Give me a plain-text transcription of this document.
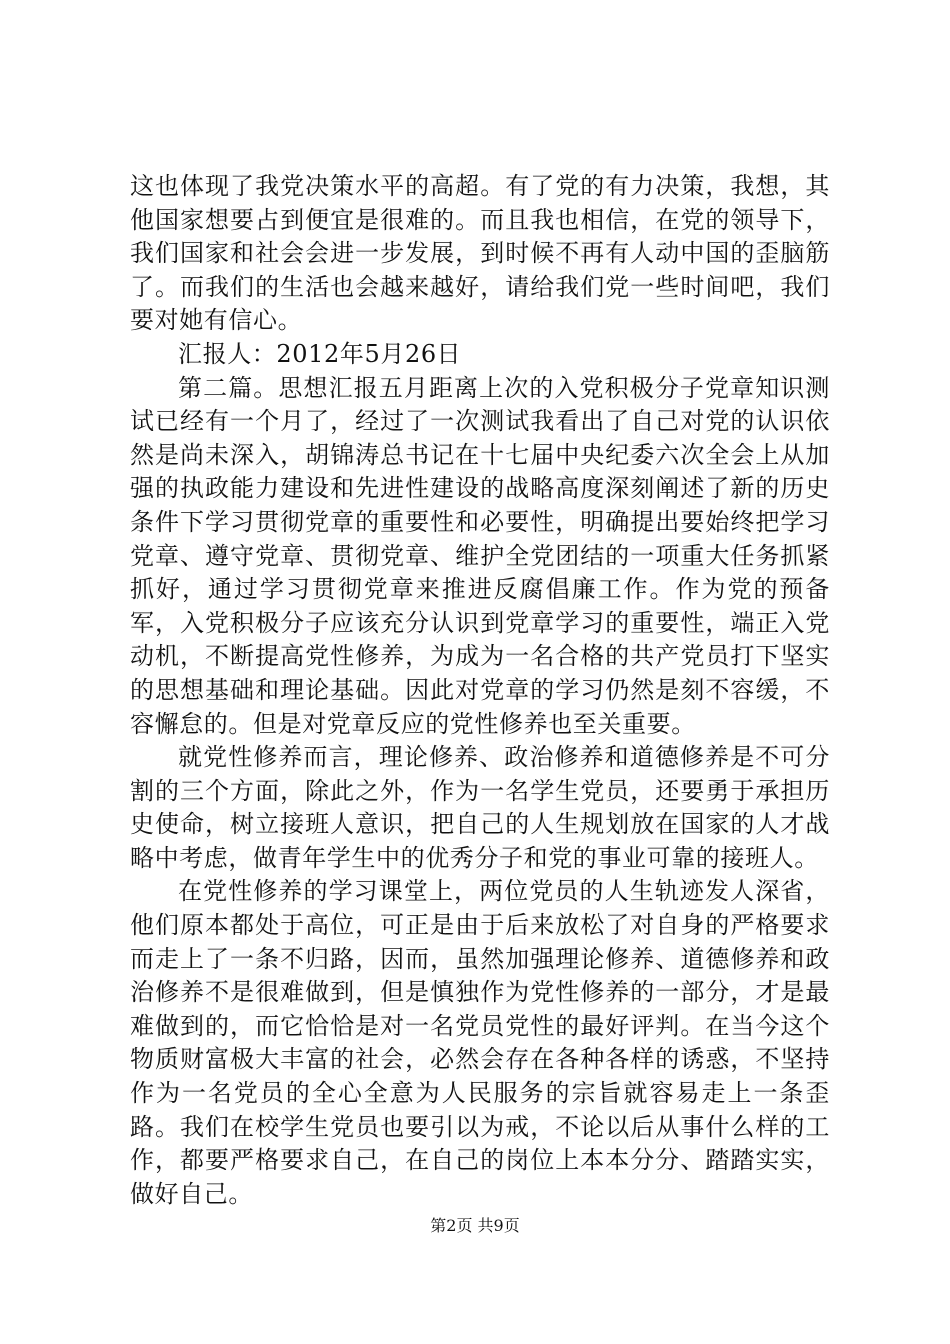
这也体现了我党决策水平的高超。有了党的有力决策，我想，其他国家想要占到便宜是很难的。而且我也相信，在党的领导下，我们国家和社会会进一步发展，到时候不再有人动中国的歪脑筋了。而我们的生活也会越来越好，请给我们党一些时间吧，我们要对她有信心。

汇报人：2012年5月26日

第二篇。思想汇报五月距离上次的入党积极分子党章知识测试已经有一个月了，经过了一次测试我看出了自己对党的认识依然是尚未深入，胡锦涛总书记在十七届中央纪委六次全会上从加强的执政能力建设和先进性建设的战略高度深刻阐述了新的历史条件下学习贯彻党章的重要性和必要性，明确提出要始终把学习党章、遵守党章、贯彻党章、维护全党团结的一项重大任务抓紧抓好，通过学习贯彻党章来推进反腐倡廉工作。作为党的预备军，入党积极分子应该充分认识到党章学习的重要性，端正入党动机，不断提高党性修养，为成为一名合格的共产党员打下坚实的思想基础和理论基础。因此对党章的学习仍然是刻不容缓，不容懈怠的。但是对党章反应的党性修养也至关重要。

就党性修养而言，理论修养、政治修养和道德修养是不可分割的三个方面，除此之外，作为一名学生党员，还要勇于承担历史使命，树立接班人意识，把自己的人生规划放在国家的人才战略中考虑，做青年学生中的优秀分子和党的事业可靠的接班人。

在党性修养的学习课堂上，两位党员的人生轨迹发人深省，他们原本都处于高位，可正是由于后来放松了对自身的严格要求而走上了一条不归路，因而，虽然加强理论修养、道德修养和政治修养不是很难做到，但是慎独作为党性修养的一部分，才是最难做到的，而它恰恰是对一名党员党性的最好评判。在当今这个物质财富极大丰富的社会，必然会存在各种各样的诱惑，不坚持作为一名党员的全心全意为人民服务的宗旨就容易走上一条歪路。我们在校学生党员也要引以为戒，不论以后从事什么样的工作，都要严格要求自己，在自己的岗位上本本分分、踏踏实实，做好自己。

第2页 共9页
